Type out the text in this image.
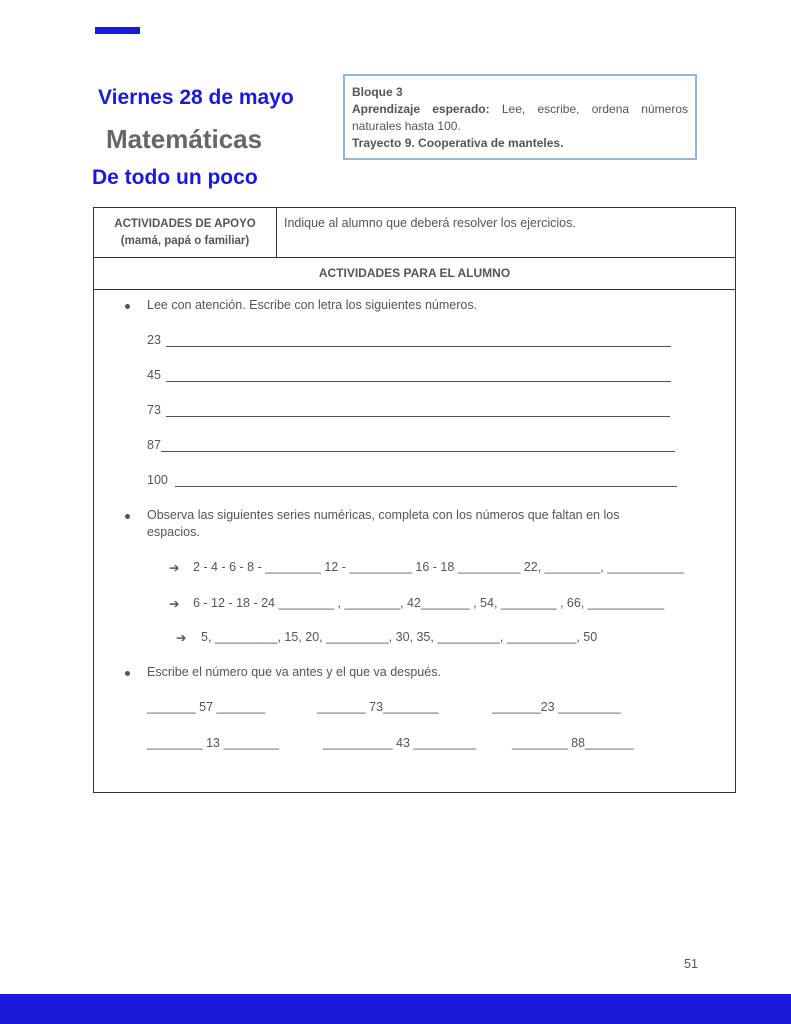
Viernes 28 de mayo
Matemáticas
De todo un poco
Bloque 3
Aprendizaje esperado: Lee, escribe, ordena números naturales hasta 100.
Trayecto 9. Cooperativa de manteles.
ACTIVIDADES DE APOYO
(mamá, papá o familiar)
Indique al alumno que deberá resolver los ejercicios.
ACTIVIDADES PARA EL ALUMNO
Lee con atención. Escribe con letra los siguientes números.
23
45
73
87
100
Observa las siguientes series numéricas, completa con los números que faltan en los
espacios.
➔ 2 - 4 - 6 - 8 - ________ 12 - _________ 16 - 18 _________ 22, ________, ___________
➔ 6 - 12 - 18 - 24 ________ , ________, 42_______ , 54, ________ , 66, ___________
➔ 5, _________, 15, 20, _________, 30, 35, _________, __________, 50
Escribe el número que va antes y el que va después.
_______ 57 _______	_______ 73________	_______23 _________
________ 13 ________	__________ 43 _________	________ 88_______
51
